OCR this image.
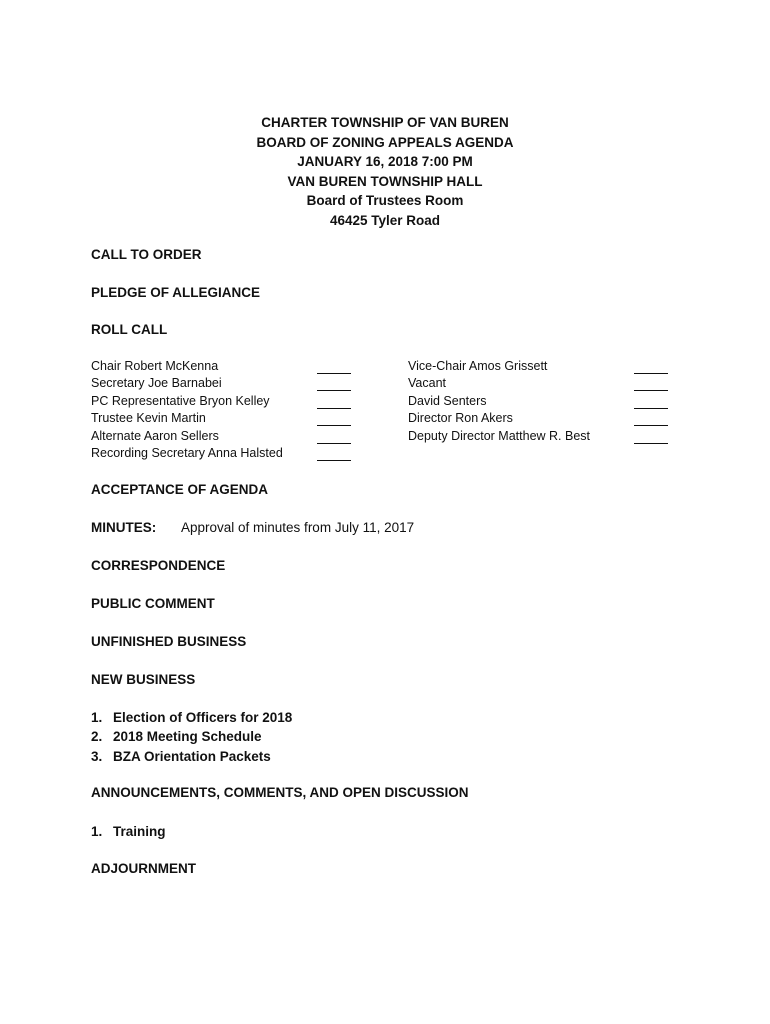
CHARTER TOWNSHIP OF VAN BUREN
BOARD OF ZONING APPEALS AGENDA
JANUARY 16, 2018 7:00 PM
VAN BUREN TOWNSHIP HALL
Board of Trustees Room
46425 Tyler Road
CALL TO ORDER
PLEDGE OF ALLEGIANCE
ROLL CALL
Chair Robert McKenna
Secretary Joe Barnabei
PC Representative Bryon Kelley
Trustee Kevin Martin
Alternate Aaron Sellers
Recording Secretary Anna Halsted
Vice-Chair Amos Grissett
Vacant
David Senters
Director Ron Akers
Deputy Director Matthew R. Best
ACCEPTANCE OF AGENDA
MINUTES: Approval of minutes from July 11, 2017
CORRESPONDENCE
PUBLIC COMMENT
UNFINISHED BUSINESS
NEW BUSINESS
1. Election of Officers for 2018
2. 2018 Meeting Schedule
3. BZA Orientation Packets
ANNOUNCEMENTS, COMMENTS, AND OPEN DISCUSSION
1. Training
ADJOURNMENT
